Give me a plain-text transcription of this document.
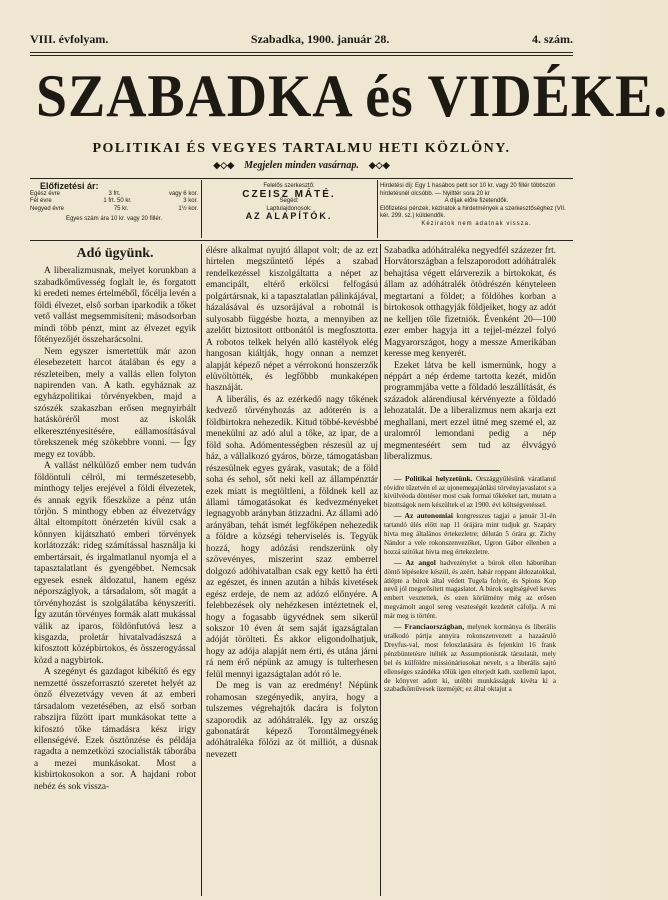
VIII. évfolyam.	Szabadka, 1900. január 28.	4. szám.
SZABADKA és VIDÉKE.
POLITIKAI ÉS VEGYES TARTALMU HETI KÖZLÖNY.
◆◇◆ Megjelen minden vasárnap. ◆◇◆
Előfizetési ár:
Egész évre	3 frt.	vagy 6 kor.
Fél évre	1 frt. 50 kr.	3 kor.
Negyed évre	75 kr.	1½ kor.
Egyes szám ára 10 kr. vagy 20 fillér.
Felelős szerkesztő:
CZEISZ MÁTÉ.
Segéd:
Laptulajdonosok:
AZ ALAPÍTÓK.
Hirdetési díj: Egy 1 hasábos petit sor 10 kr, vagy 20 fillér többszöri hirdetésnél olcsóbb. — Nyilttér sora 20 kr
A díjak előre fizetendők.
Előfizetési pénzek, kéziratok a hirdetmények a szerkesztőséghez (VII. kér. 299. sz.) küldendők.
Kéziratok nem adatnak vissza.
Adó ügyünk.

A liberalizmusnak, melyet korunkban a szabadkőművesség foglalt le, és forgatott ki eredeti nemes értelméből, főcélja levén a földi élvezet, első sorban iparkodik a tőket vető vallást megsemmisíteni; másodsorban mindi több pénzt, mint az élvezet egyik főtényezőjét összeharácsolni.

Nem egyszer ismertettük már azon élesebezetett harcot átalában és egy a részleteiben, mely a vallás ellen folyton napirenden van. A kath. egyháznak az egyházpolitikai törvényekben, majd a szószék szakaszban erősen megnyirbált hatásköréről most az iskolák elkeresztényesitésére, eállamosításával törekszenek még szökebbre vonni. — Így megy ez tovább.

A vallást nélkülöző ember nem tudván földöntuli célról, mi természetesebb, minthogy teljes erejével a földi élvezetek, és annak egyik főeszköze a pénz után törjön. S minthogy ebben az élvezetvágy által eltompított önérzetén kívül csak a könnyen kijátszható emberi törvények korlátozzák: rideg számítással használja ki embertársait, és irgalmatlanul nyomja el a tapasztalatlant és gyengébbet. Nemcsak egyesek esnek áldozatul, hanem egész népországlyok, a társadalom, sőt magát a törvényhozást is szolgálatába kényszeríti. Így azután törvényes formák alatt mukással válik az iparos, földönfutóvá lesz a kisgazda, proletár hivatalvadászszá a kifosztott középbirtokos, és összerogyással közd a nagybirtok.

A szegényt és gazdagot kibékítő és egy nemzetté összeforrasztó szeretet helyét az önző élvezetvágy veven át az emberi társadalom vezetésében, az első sorban rabszijra fűzött ipart munkásokat tette a kifosztó tőke támadásra kész irigy ellenségévé. Ezek ösztönzése és példája ragadta a nemzetközi szocialisták táborába a mezei munkásokat. Most a kisbirtokosokon a sor. A hajdani robot nebéz és sok vissza-

élésre alkalmat nyujtó állapot volt; de az ezt hirtelen megszűntető lépés a szabad rendelkezéssel kiszolgáltatta a népet az emancipált, eltérő erkölcsi felfogású polgártársnak, ki a tapasztalatlan pálinkájával, házalásával és uzsorájával a robotnál is sulyosabb függésbe hozta, a mennyiben az azelőtt biztositott ottbonától is megfosztotta. A robotos telkek helyén alló kastélyok elég hangosan kiáltják, hogy onnan a nemzet alapját képező népet a vérrokonú honszerzők elüvöltötték, és legfőbbb munkaképen hasznáját.

A liberális, és az ezérkedő nagy tőkének kedvező törvényhozás az adóterén is a földbirtokra nehezedik. Kitud többé-kevésbbé menekülni az adó alul a tőke, az ipar, de a föld soha. Adómentességben részesül az uj ház, a vállalkozó gyáros, börze, támogatásban részesülnek egyes gyárak, vasutak; de a föld soha és sehol, sőt neki kell az állampénztár ezek miatt is megtöltleni, a földnek kell az állami támogatásokat és kedvezményeket legnagyobb arányban átizzadni. Az állami adó arányában, tehát ismét legfőképen nehezedik a földre a községi teherviselés is. Tegyük hozzá, hogy adózási rendszerünk oly szövevényes, miszerint szaz emberrel dolgozó adóhivatalban csak egy kettő ha érti az egészet, és innen azután a hibás kivetések egész erdeje, de nem az adózó előnyére. A felebbezések oly nehézkesen intéztetnek el, hogy a fogasabb ügyvédnek sem sikerül sokszor 10 éven át sem saját igazságtalan adóját törölteti. És akkor eligondolhatjuk, hogy az adója alapját nem érti, és utána járni rá nem érő népünk az amugy is tulterhesen felül mennyi igazságtalan adót ró le.

De meg is van az eredmény! Népünk rohamosan szegényedik, anyira, hogy a tulszemes végrehajtók dacára is folyton szaporodik az adóhátralék. Igy az ország gabonatárát képező Torontálmegyének adóhátraléka fölözi az öt milliót, a dúsnak nevezett

Szabadka adóhátraléka negyedfél százezer frt. Horvátországban a felszaporodott adóhátralék behajtása végett elárverezik a birtokokat, és állam az adóhátralék ötödrészén kényteleen megtartani a földet; a földöhes korban a birtokosok otthagyják földjeiket, hogy az adót ne kelljen tőle fizetniök. Évenként 20—100 ezer ember hagyja itt a tejjel-mézzel folyó Magyarországot, hogy a messze Amerikában keresse meg kenyerét.

Ezeket látva be kell ismernünk, hogy a néppárt a nép érdeme tartotta kezét, midőn programmjába vette a földadó leszállítását, és századok alárendiusal kérvényezte a földadó lehozatalát. De a liberalizmus nem akarja ezt meghallani, mert ezzel ütné meg szemé el, az uralomról lemondani pedig a nép megmenteséért sem tud az élvvágyó liberalizmus.

— Politikai helyzetünk. Országgyűlésünk váratlanul rövidre tűzetvén el az ujonemegajánlási törvényjavaslatot s a kivülvéoda döntéser most csak formai tőkéeket tart, mutatn a bizottságok nem készültek el az 1900. évi költségvetéssel.

— Az autonomiai kongresszus tagjai a január 31-én tartandó ülés előtt nap 11 órájára mint tudjuk gr. Szapáry hivta meg általános értekezletre; délután 5 órára gr. Zichy Nándor a vele rokonszenvezőket, Ugron Gábor ellenben a hozzá szitókat hivta meg értekezletre.

— Az angol hadvezénylet a búrok ellen háborúban döntő lépésekre készül, és azért, habár roppant áldozatokkal, átlépte a búrok által védett Tugela folyót, és Spions Kop nevű jól megerősített magaslatot. A búrok segítségével keves embert vesztettek, és ezen körülmény még az erősen megvámolt angol sereg veszteségét kezdetét cáfolja. A mi már meg is történt.

— Franciaországban, melynek kormánya és liberális uralkodó pártja annyira rokonszenvezett a hazaáruló Dreyfus-val, most feloszlatására és fejenkint 16 frank pénzbüntetésre itélték az Assumptionisták társulatát, mely bel és külföldre missiónáriusokat nevelt, s a liberális sajtó ellenséges szándéka tőlük igen elterjedt kath. szellemű lapot, de könyvet adott ki, utóbbi munkásságuk kivéta ki a szabadkőművesek üzeméjét; ez által oktajut a
